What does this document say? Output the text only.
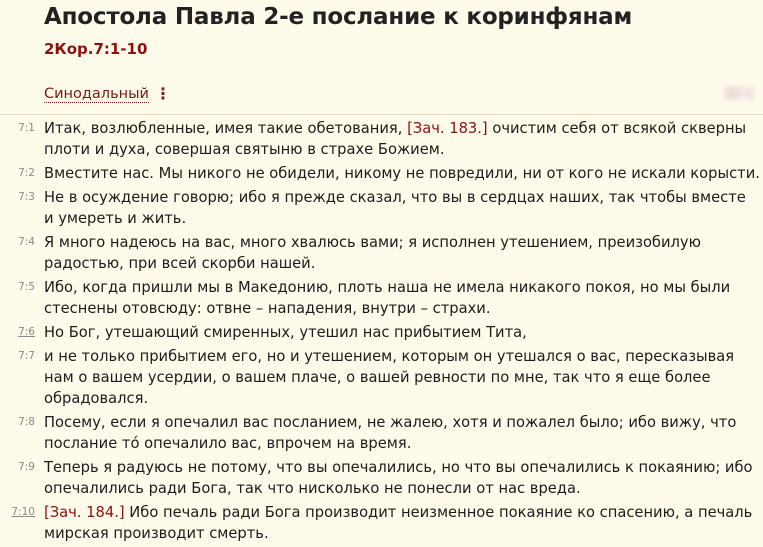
Апостола Павла 2-е послание к коринфянам
2Кор.7:1-10
Синодальный ⋮
7:1 Итак, возлюбленные, имея такие обетования, [Зач. 183.] очистим себя от всякой скверны плоти и духа, совершая святыню в страхе Божием.
7:2 Вместите нас. Мы никого не обидели, никому не повредили, ни от кого не искали корысти.
7:3 Не в осуждение говорю; ибо я прежде сказал, что вы в сердцах наших, так чтобы вместе и умереть и жить.
7:4 Я много надеюсь на вас, много хвалюсь вами; я исполнен утешением, преизобилую радостью, при всей скорби нашей.
7:5 Ибо, когда пришли мы в Македонию, плоть наша не имела никакого покоя, но мы были стеснены отовсюду: отвне – нападения, внутри – страхи.
7:6 Но Бог, утешающий смиренных, утешил нас прибытием Тита,
7:7 и не только прибытием его, но и утешением, которым он утешался о вас, пересказывая нам о вашем усердии, о вашем плаче, о вашей ревности по мне, так что я еще более обрадовался.
7:8 Посему, если я опечалил вас посланием, не жалею, хотя и пожалел было; ибо вижу, что послание то́ опечалило вас, впрочем на время.
7:9 Теперь я радуюсь не потому, что вы опечалились, но что вы опечалились к покаянию; ибо опечалились ради Бога, так что нисколько не понесли от нас вреда.
7:10 [Зач. 184.] Ибо печаль ради Бога производит неизменное покаяние ко спасению, а печаль мирская производит смерть.
